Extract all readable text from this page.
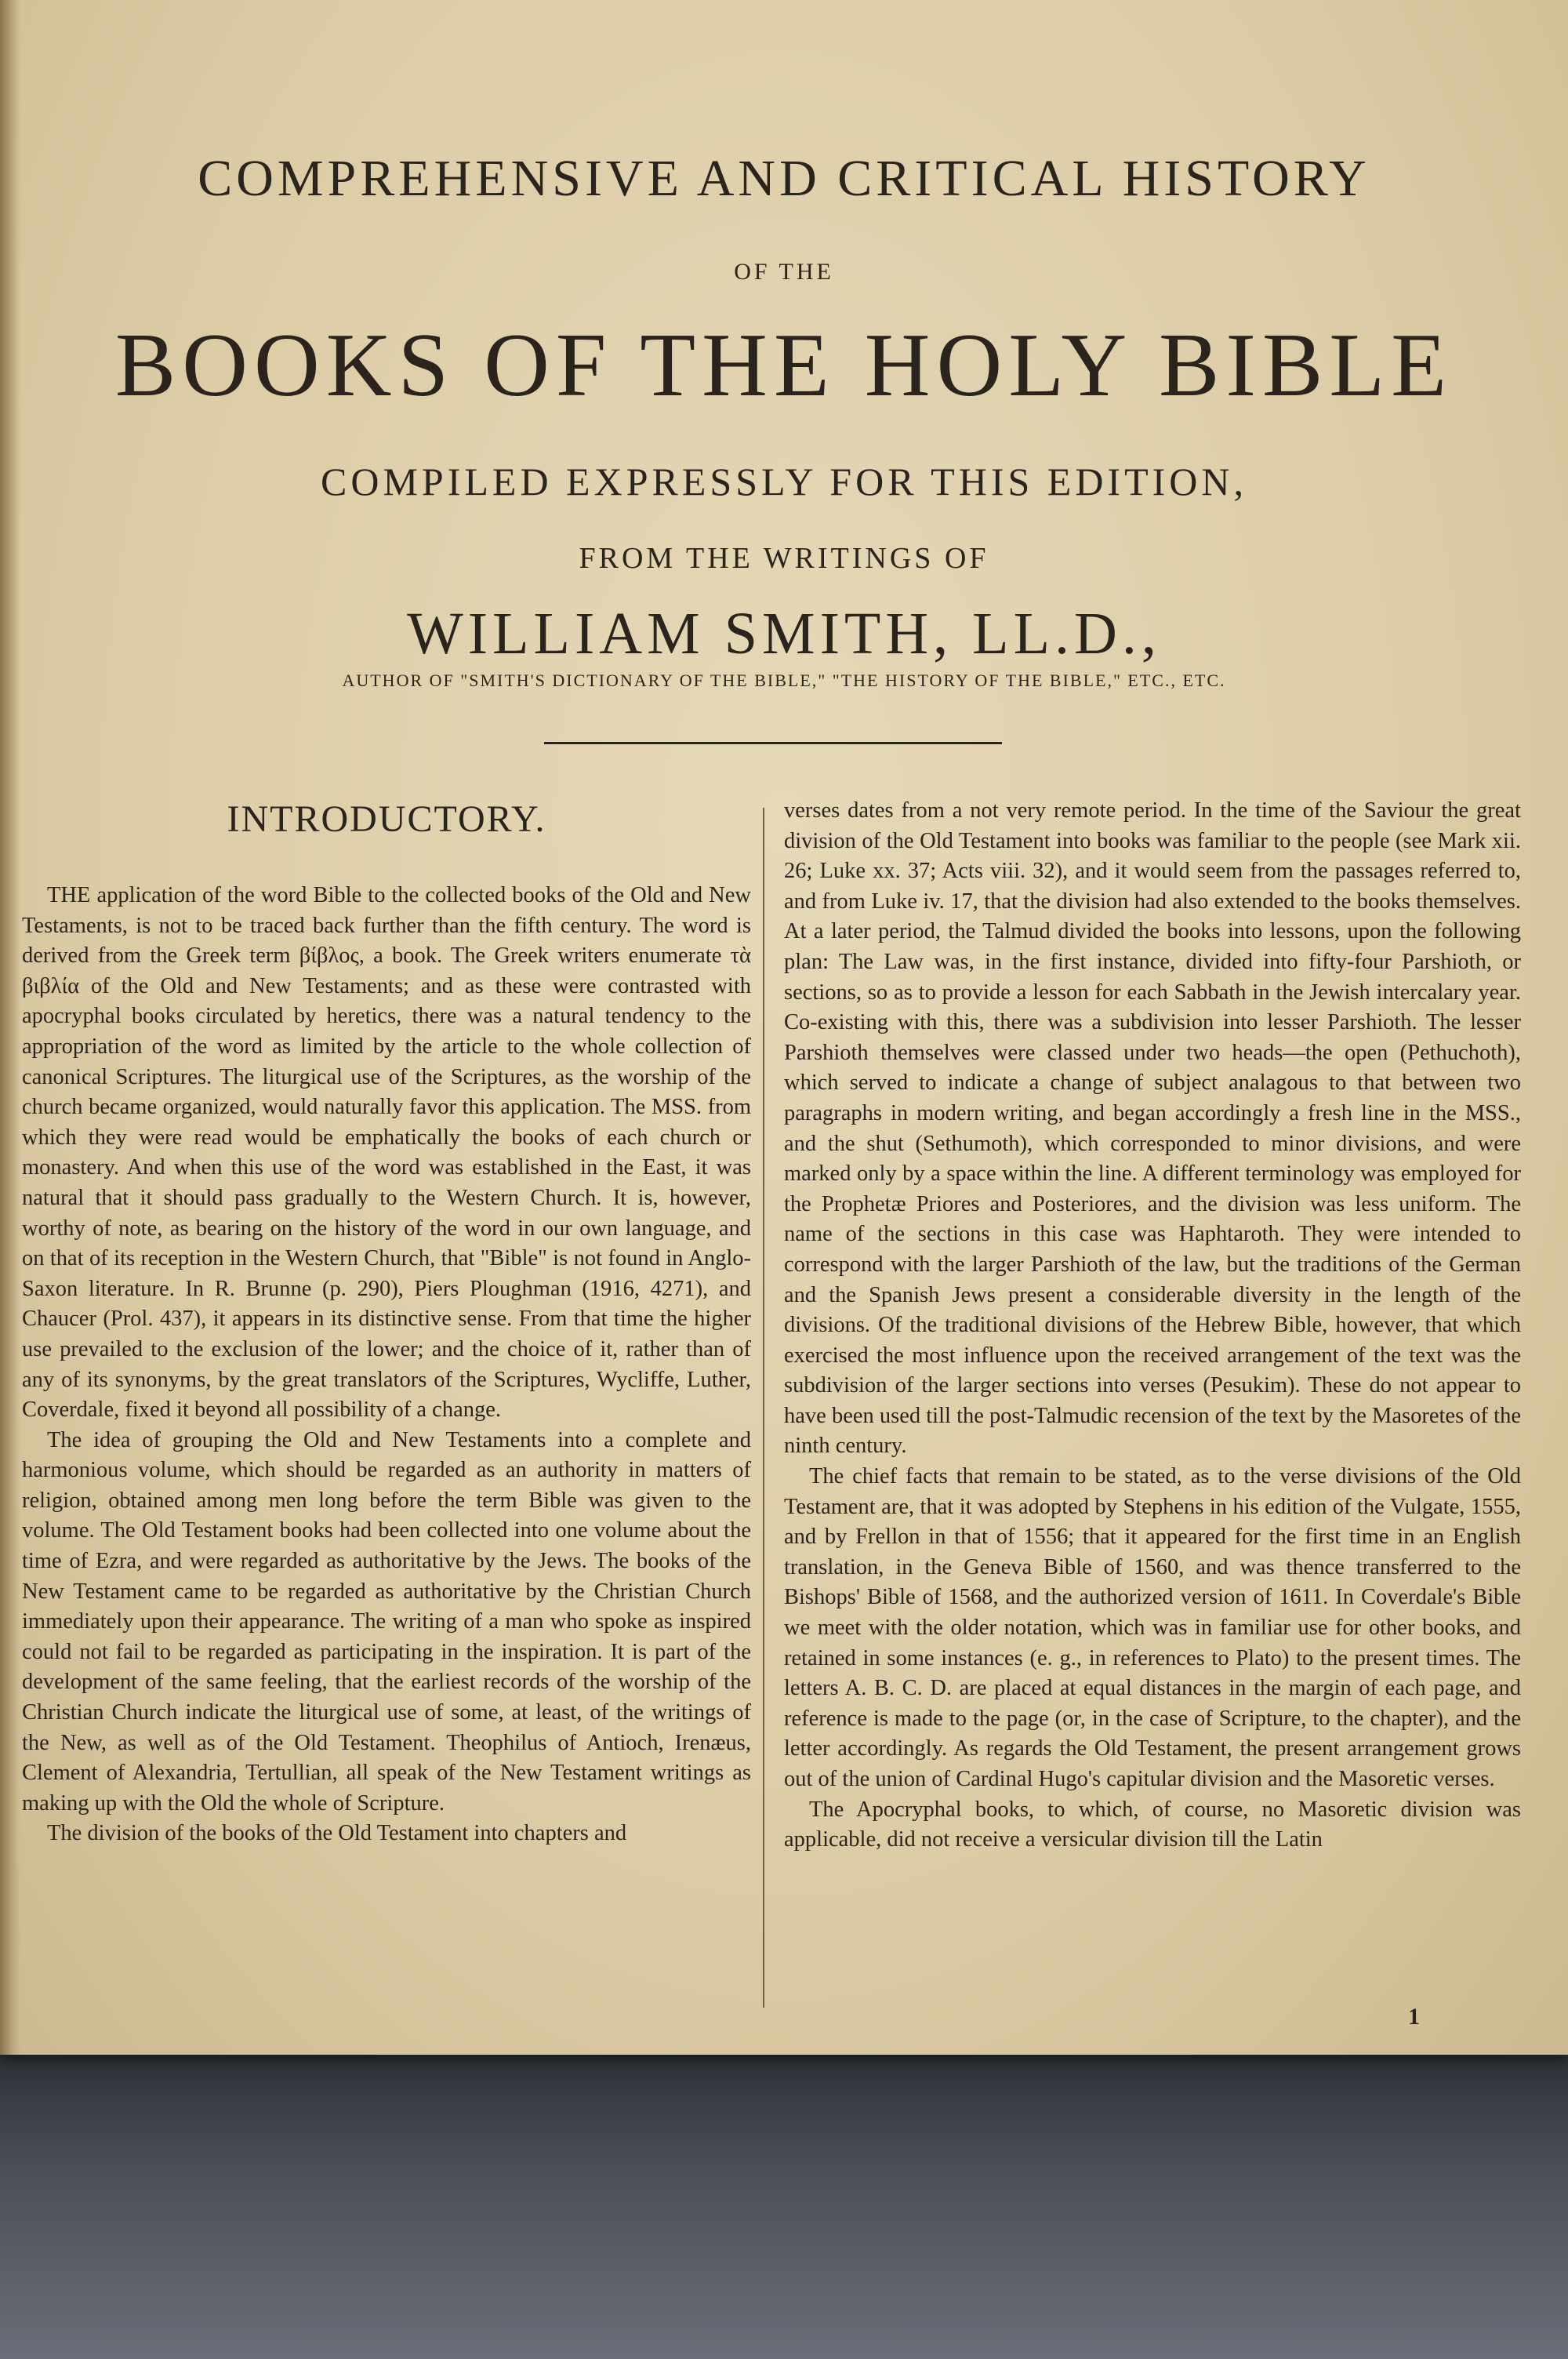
COMPREHENSIVE AND CRITICAL HISTORY
OF THE
BOOKS OF THE HOLY BIBLE
COMPILED EXPRESSLY FOR THIS EDITION,
FROM THE WRITINGS OF
WILLIAM SMITH, LL.D.,
AUTHOR OF "SMITH'S DICTIONARY OF THE BIBLE," "THE HISTORY OF THE BIBLE," ETC., ETC.
INTRODUCTORY.

THE application of the word Bible to the collected books of the Old and New Testaments, is not to be traced back further than the fifth century. The word is derived from the Greek term βίβλος, a book. The Greek writers enumerate τὰ βιβλία of the Old and New Testaments; and as these were contrasted with apocryphal books circulated by heretics, there was a natural tendency to the appropriation of the word as limited by the article to the whole collection of canonical Scriptures. The liturgical use of the Scriptures, as the worship of the church became organized, would naturally favor this application. The MSS. from which they were read would be emphatically the books of each church or monastery. And when this use of the word was established in the East, it was natural that it should pass gradually to the Western Church. It is, however, worthy of note, as bearing on the history of the word in our own language, and on that of its reception in the Western Church, that "Bible" is not found in Anglo-Saxon literature. In R. Brunne (p. 290), Piers Ploughman (1916, 4271), and Chaucer (Prol. 437), it appears in its distinctive sense. From that time the higher use prevailed to the exclusion of the lower; and the choice of it, rather than of any of its synonyms, by the great translators of the Scriptures, Wycliffe, Luther, Coverdale, fixed it beyond all possibility of a change.

The idea of grouping the Old and New Testaments into a complete and harmonious volume, which should be regarded as an authority in matters of religion, obtained among men long before the term Bible was given to the volume. The Old Testament books had been collected into one volume about the time of Ezra, and were regarded as authoritative by the Jews. The books of the New Testament came to be regarded as authoritative by the Christian Church immediately upon their appearance. The writing of a man who spoke as inspired could not fail to be regarded as participating in the inspiration. It is part of the development of the same feeling, that the earliest records of the worship of the Christian Church indicate the liturgical use of some, at least, of the writings of the New, as well as of the Old Testament. Theophilus of Antioch, Irenæus, Clement of Alexandria, Tertullian, all speak of the New Testament writings as making up with the Old the whole of Scripture.

The division of the books of the Old Testament into chapters and

verses dates from a not very remote period. In the time of the Saviour the great division of the Old Testament into books was familiar to the people (see Mark xii. 26; Luke xx. 37; Acts viii. 32), and it would seem from the passages referred to, and from Luke iv. 17, that the division had also extended to the books themselves. At a later period, the Talmud divided the books into lessons, upon the following plan: The Law was, in the first instance, divided into fifty-four Parshioth, or sections, so as to provide a lesson for each Sabbath in the Jewish intercalary year. Co-existing with this, there was a subdivision into lesser Parshioth. The lesser Parshioth themselves were classed under two heads—the open (Pethuchoth), which served to indicate a change of subject analagous to that between two paragraphs in modern writing, and began accordingly a fresh line in the MSS., and the shut (Sethumoth), which corresponded to minor divisions, and were marked only by a space within the line. A different terminology was employed for the Prophetæ Priores and Posteriores, and the division was less uniform. The name of the sections in this case was Haphtaroth. They were intended to correspond with the larger Parshioth of the law, but the traditions of the German and the Spanish Jews present a considerable diversity in the length of the divisions. Of the traditional divisions of the Hebrew Bible, however, that which exercised the most influence upon the received arrangement of the text was the subdivision of the larger sections into verses (Pesukim). These do not appear to have been used till the post-Talmudic recension of the text by the Masoretes of the ninth century.

The chief facts that remain to be stated, as to the verse divisions of the Old Testament are, that it was adopted by Stephens in his edition of the Vulgate, 1555, and by Frellon in that of 1556; that it appeared for the first time in an English translation, in the Geneva Bible of 1560, and was thence transferred to the Bishops' Bible of 1568, and the authorized version of 1611. In Coverdale's Bible we meet with the older notation, which was in familiar use for other books, and retained in some instances (e. g., in references to Plato) to the present times. The letters A. B. C. D. are placed at equal distances in the margin of each page, and reference is made to the page (or, in the case of Scripture, to the chapter), and the letter accordingly. As regards the Old Testament, the present arrangement grows out of the union of Cardinal Hugo's capitular division and the Masoretic verses.

The Apocryphal books, to which, of course, no Masoretic division was applicable, did not receive a versicular division till the Latin

1
